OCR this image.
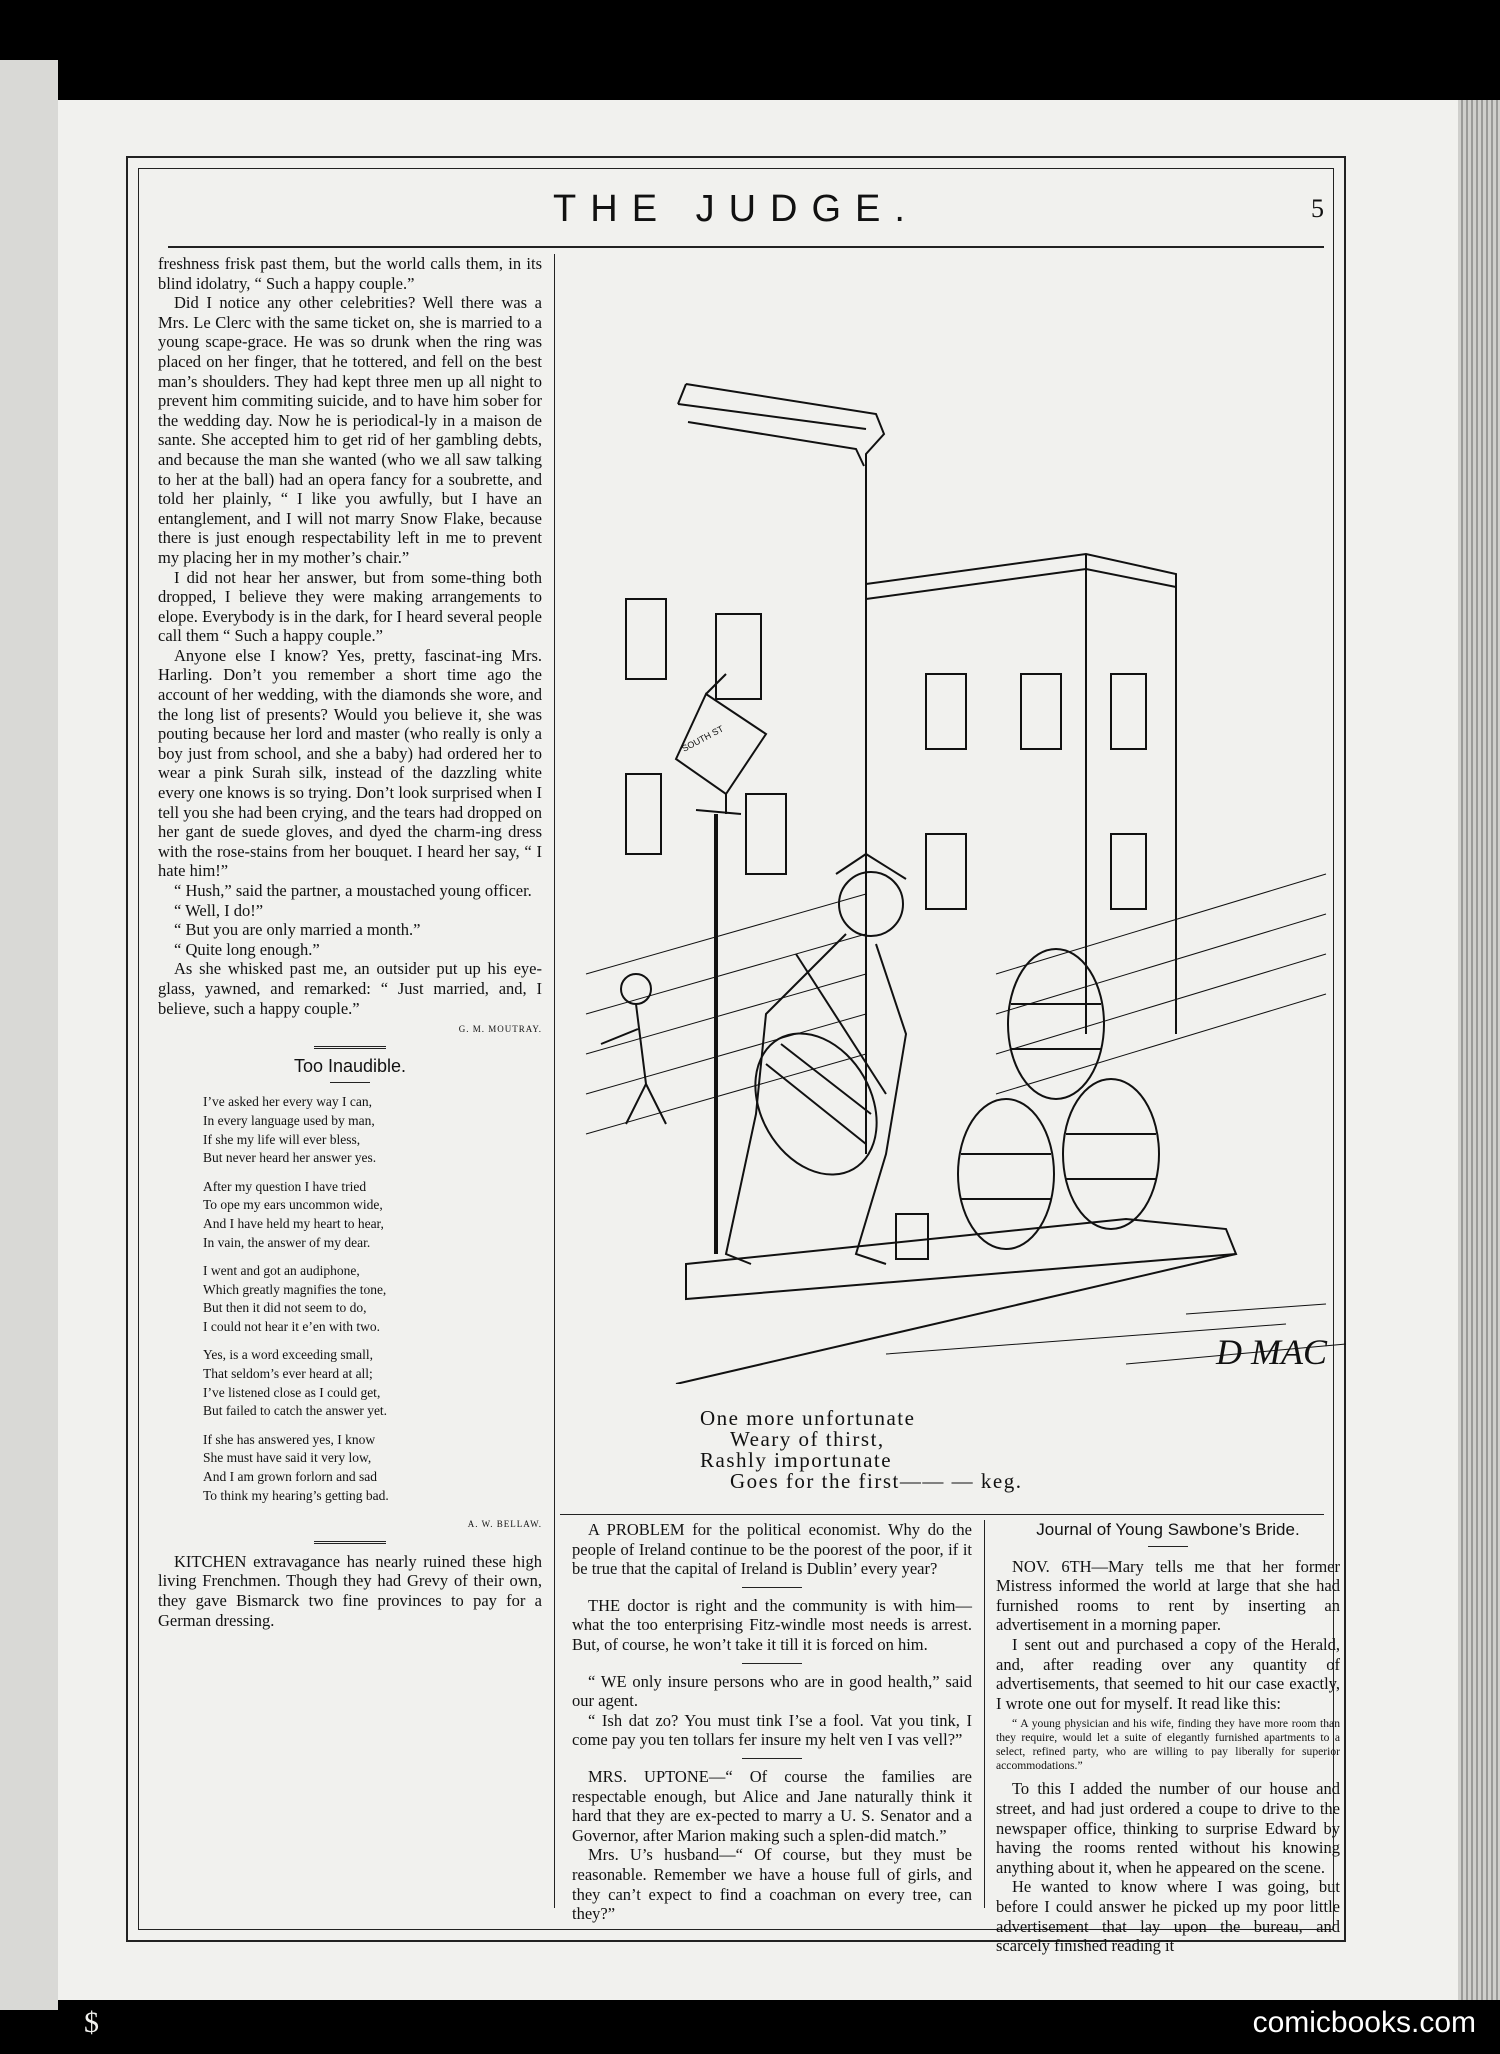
THE JUDGE.	5

freshness frisk past them, but the world calls them, in its blind idolatry, “ Such a happy couple.”

Did I notice any other celebrities? Well there was a Mrs. Le Clerc with the same ticket on, she is married to a young scape-grace. He was so drunk when the ring was placed on her finger, that he tottered, and fell on the best man’s shoulders. They had kept three men up all night to prevent him commiting suicide, and to have him sober for the wedding day. Now he is periodical-ly in a maison de sante. She accepted him to get rid of her gambling debts, and because the man she wanted (who we all saw talking to her at the ball) had an opera fancy for a soubrette, and told her plainly, “ I like you awfully, but I have an entanglement, and I will not marry Snow Flake, because there is just enough respectability left in me to prevent my placing her in my mother’s chair.”

I did not hear her answer, but from some-thing both dropped, I believe they were making arrangements to elope. Everybody is in the dark, for I heard several people call them “ Such a happy couple.”

Anyone else I know? Yes, pretty, fascinat-ing Mrs. Harling. Don’t you remember a short time ago the account of her wedding, with the diamonds she wore, and the long list of presents? Would you believe it, she was pouting because her lord and master (who really is only a boy just from school, and she a baby) had ordered her to wear a pink Surah silk, instead of the dazzling white every one knows is so trying. Don’t look surprised when I tell you she had been crying, and the tears had dropped on her gant de suede gloves, and dyed the charm-ing dress with the rose-stains from her bouquet. I heard her say, “ I hate him!”

“ Hush,” said the partner, a moustached young officer.

“ Well, I do!”

“ But you are only married a month.”

“ Quite long enough.”

As she whisked past me, an outsider put up his eye-glass, yawned, and remarked: “ Just married, and, I believe, such a happy couple.”

G. M. MOUTRAY.
Too Inaudible.
I’ve asked her every way I can,
In every language used by man,
If she my life will ever bless,
But never heard her answer yes.
After my question I have tried
To ope my ears uncommon wide,
And I have held my heart to hear,
In vain, the answer of my dear.
I went and got an audiphone,
Which greatly magnifies the tone,
But then it did not seem to do,
I could not hear it e’en with two.
Yes, is a word exceeding small,
That seldom’s ever heard at all;
I’ve listened close as I could get,
But failed to catch the answer yet.
If she has answered yes, I know
She must have said it very low,
And I am grown forlorn and sad
To think my hearing’s getting bad.
A. W. BELLAW.

KITCHEN extravagance has nearly ruined these high living Frenchmen. Though they had Grevy of their own, they gave Bismarck two fine provinces to pay for a German dressing.

D MAC
SOUTH ST
One more unfortunate
Weary of thirst,
Rashly importunate
Goes for the first—— — keg.

A PROBLEM for the political economist. Why do the people of Ireland continue to be the poorest of the poor, if it be true that the capital of Ireland is Dublin’ every year?

THE doctor is right and the community is with him—what the too enterprising Fitz-windle most needs is arrest. But, of course, he won’t take it till it is forced on him.

“ WE only insure persons who are in good health,” said our agent.

“ Ish dat zo? You must tink I’se a fool. Vat you tink, I come pay you ten tollars fer insure my helt ven I vas vell?”

MRS. UPTONE—“ Of course the families are respectable enough, but Alice and Jane naturally think it hard that they are ex-pected to marry a U. S. Senator and a Governor, after Marion making such a splen-did match.”

Mrs. U’s husband—“ Of course, but they must be reasonable. Remember we have a house full of girls, and they can’t expect to find a coachman on every tree, can they?”

Journal of Young Sawbone’s Bride.

NOV. 6TH—Mary tells me that her former Mistress informed the world at large that she had furnished rooms to rent by inserting an advertisement in a morning paper.

I sent out and purchased a copy of the Herald, and, after reading over any quantity of advertisements, that seemed to hit our case exactly, I wrote one out for myself. It read like this:

“ A young physician and his wife, finding they have more room than they require, would let a suite of elegantly furnished apartments to a select, refined party, who are willing to pay liberally for superior accommodations.”

To this I added the number of our house and street, and had just ordered a coupe to drive to the newspaper office, thinking to surprise Edward by having the rooms rented without his knowing anything about it, when he appeared on the scene.

He wanted to know where I was going, but before I could answer he picked up my poor little advertisement that lay upon the bureau, and scarcely finished reading it

$	comicbooks.com
